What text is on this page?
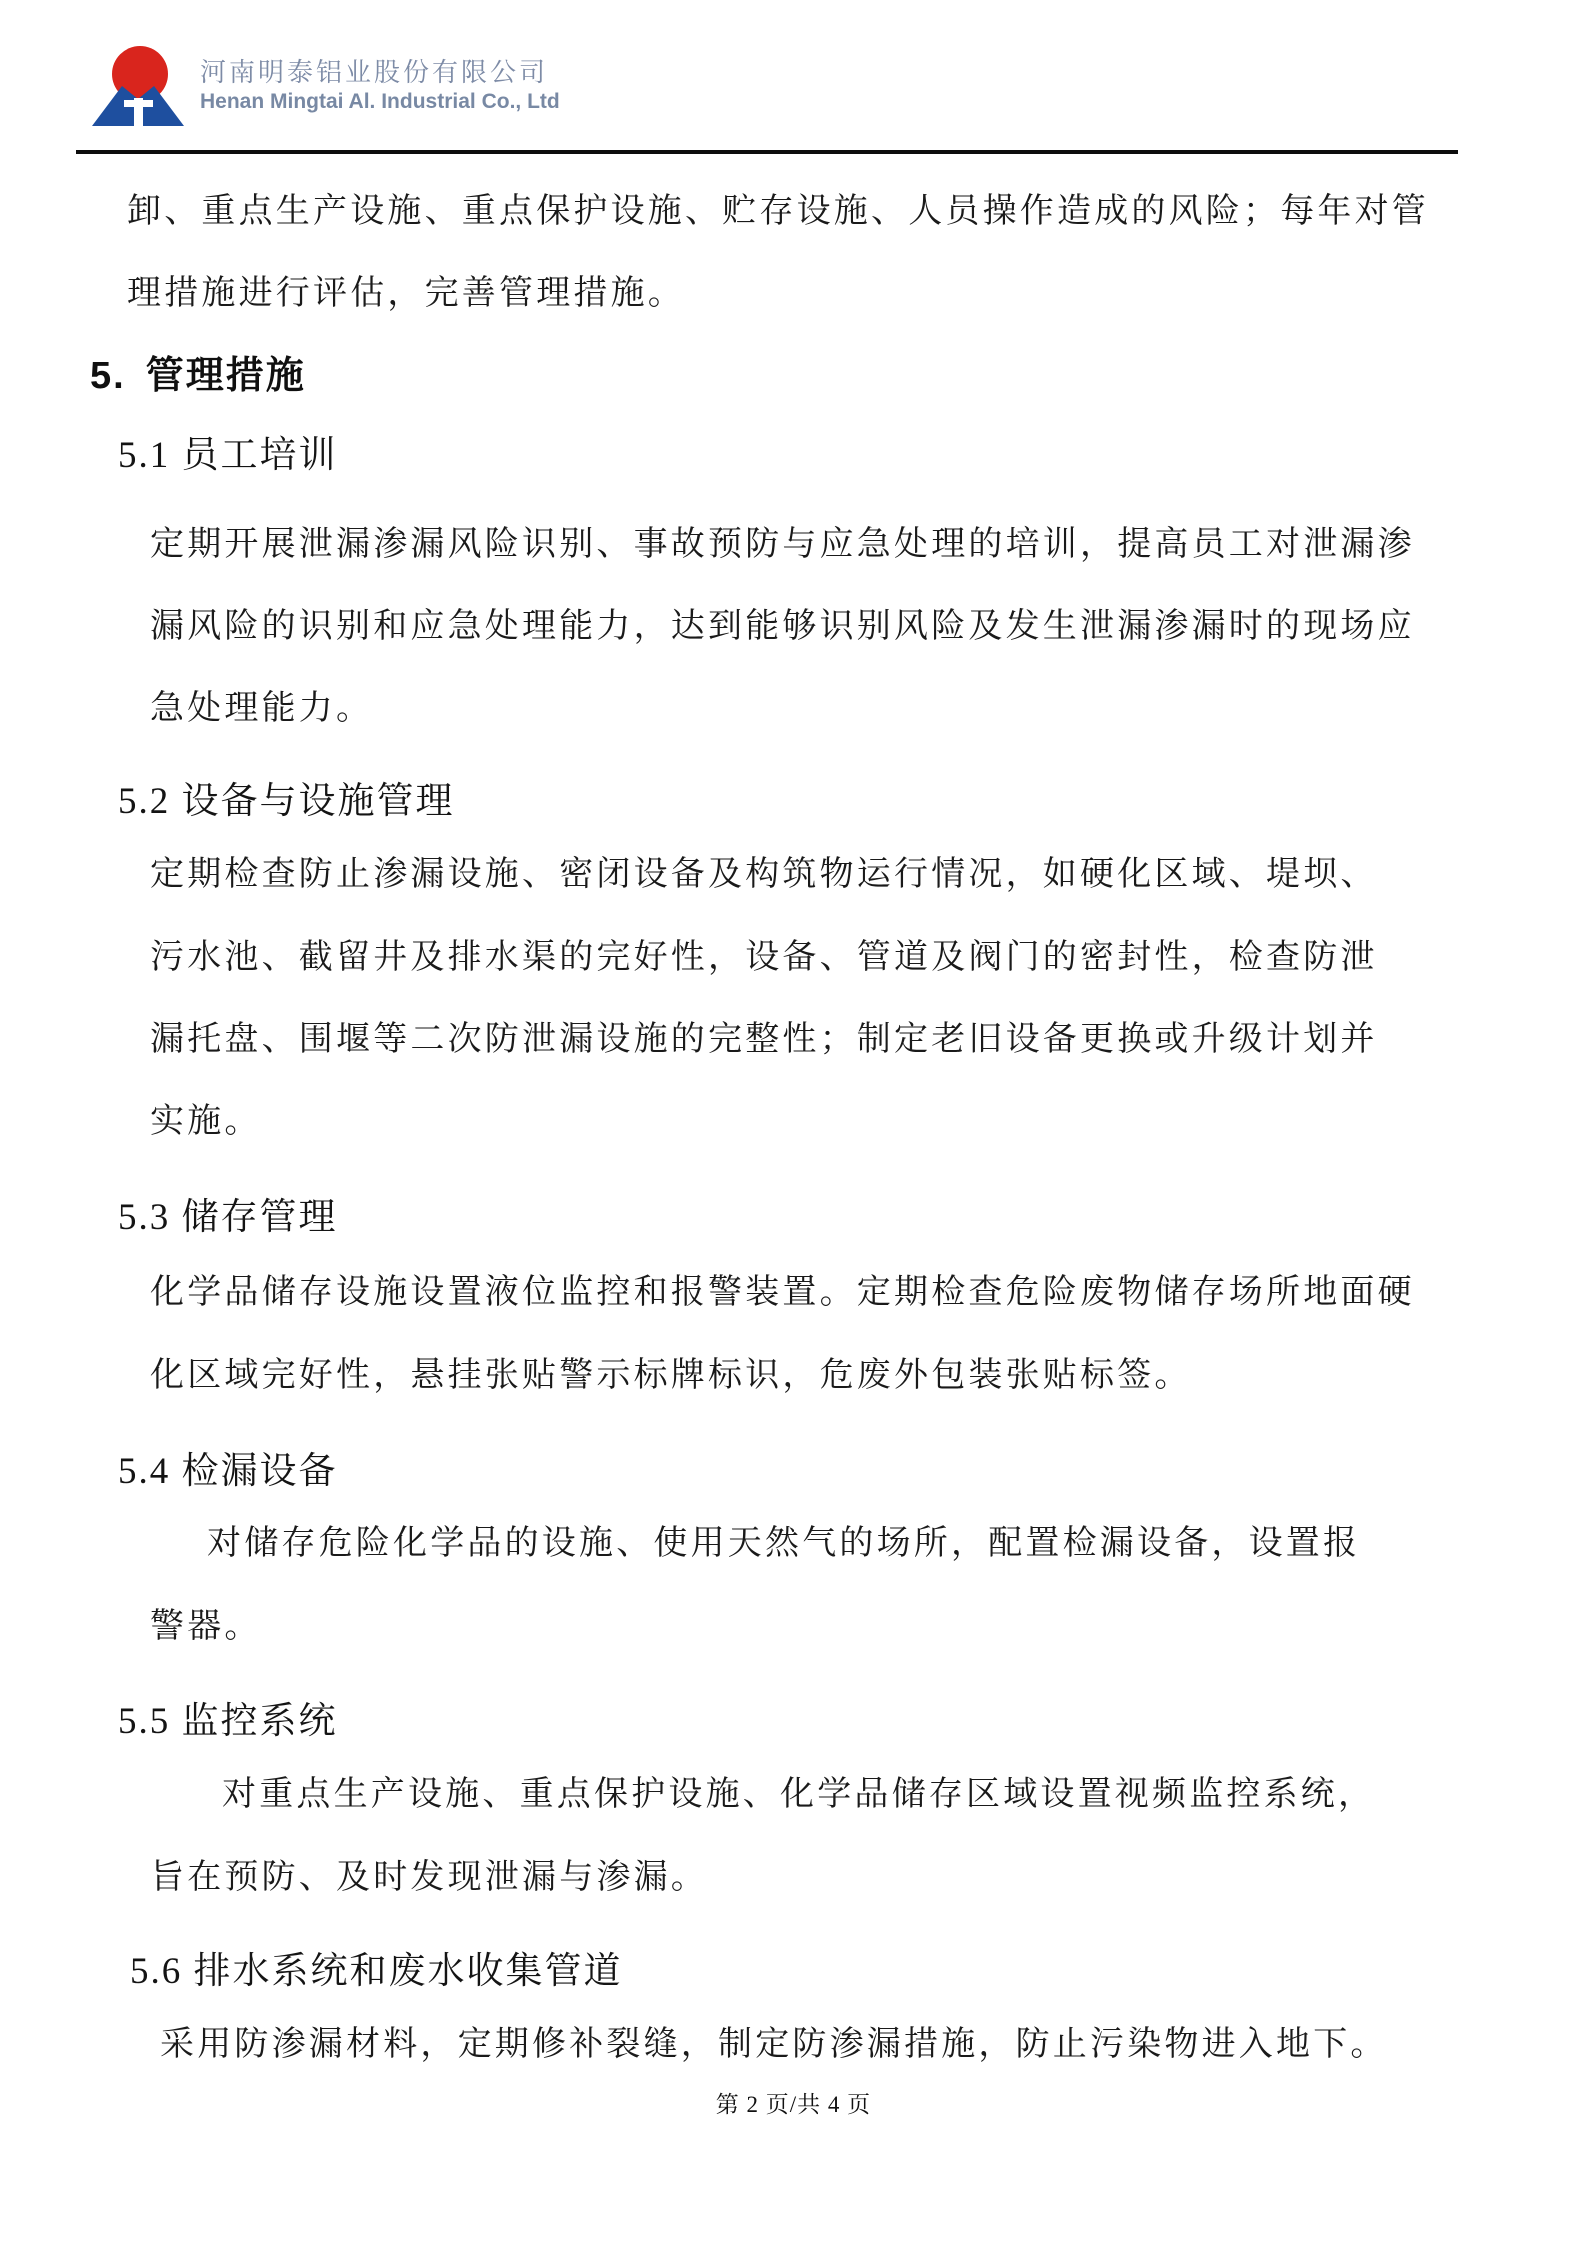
河南明泰铝业股份有限公司
Henan Mingtai Al. Industrial Co., Ltd
卸、重点生产设施、重点保护设施、贮存设施、人员操作造成的风险；每年对管
理措施进行评估，完善管理措施。
5. 管理措施
5.1 员工培训
定期开展泄漏渗漏风险识别、事故预防与应急处理的培训，提高员工对泄漏渗
漏风险的识别和应急处理能力，达到能够识别风险及发生泄漏渗漏时的现场应
急处理能力。
5.2 设备与设施管理
定期检查防止渗漏设施、密闭设备及构筑物运行情况，如硬化区域、堤坝、
污水池、截留井及排水渠的完好性，设备、管道及阀门的密封性，检查防泄
漏托盘、围堰等二次防泄漏设施的完整性；制定老旧设备更换或升级计划并
实施。
5.3 储存管理
化学品储存设施设置液位监控和报警装置。定期检查危险废物储存场所地面硬
化区域完好性，悬挂张贴警示标牌标识，危废外包装张贴标签。
5.4 检漏设备
对储存危险化学品的设施、使用天然气的场所，配置检漏设备，设置报
警器。
5.5 监控系统
对重点生产设施、重点保护设施、化学品储存区域设置视频监控系统，
旨在预防、及时发现泄漏与渗漏。
5.6 排水系统和废水收集管道
采用防渗漏材料，定期修补裂缝，制定防渗漏措施，防止污染物进入地下。
第 2 页/共 4 页
